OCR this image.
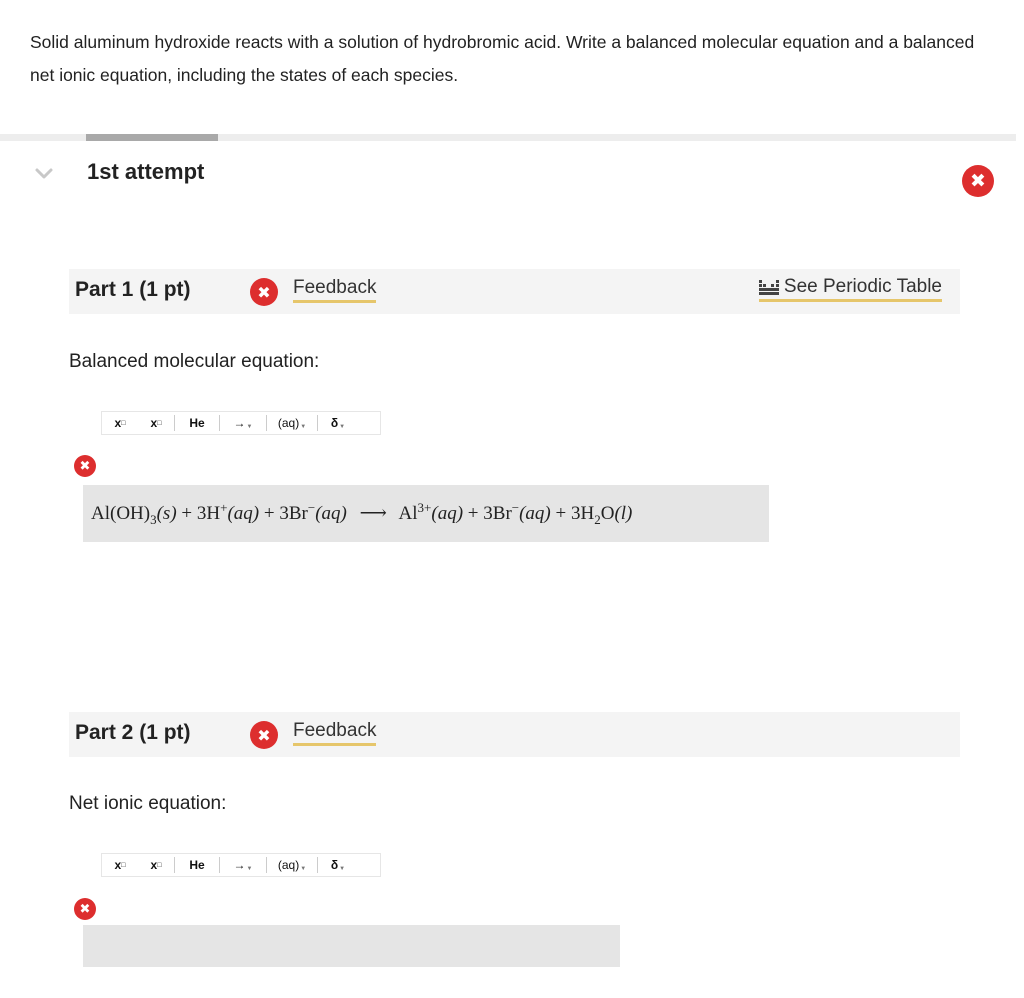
Solid aluminum hydroxide reacts with a solution of hydrobromic acid. Write a balanced molecular equation and a balanced net ionic equation, including the states of each species.
1st attempt	✖
Part 1 (1 pt)	✖	Feedback	See Periodic Table
Balanced molecular equation:
x □ x □ He → ▼ (aq) ▼ δ ▼
✖
$Al(OH)_3(s) + 3H^+(aq) + 3Br^-(aq)$ ⟶ $Al^{3+}(aq) + 3Br^-(aq) + 3H_2O(l)$
Part 2 (1 pt)	✖	Feedback
Net ionic equation:
x □ x □ He → ▼ (aq) ▼ δ ▼
✖
